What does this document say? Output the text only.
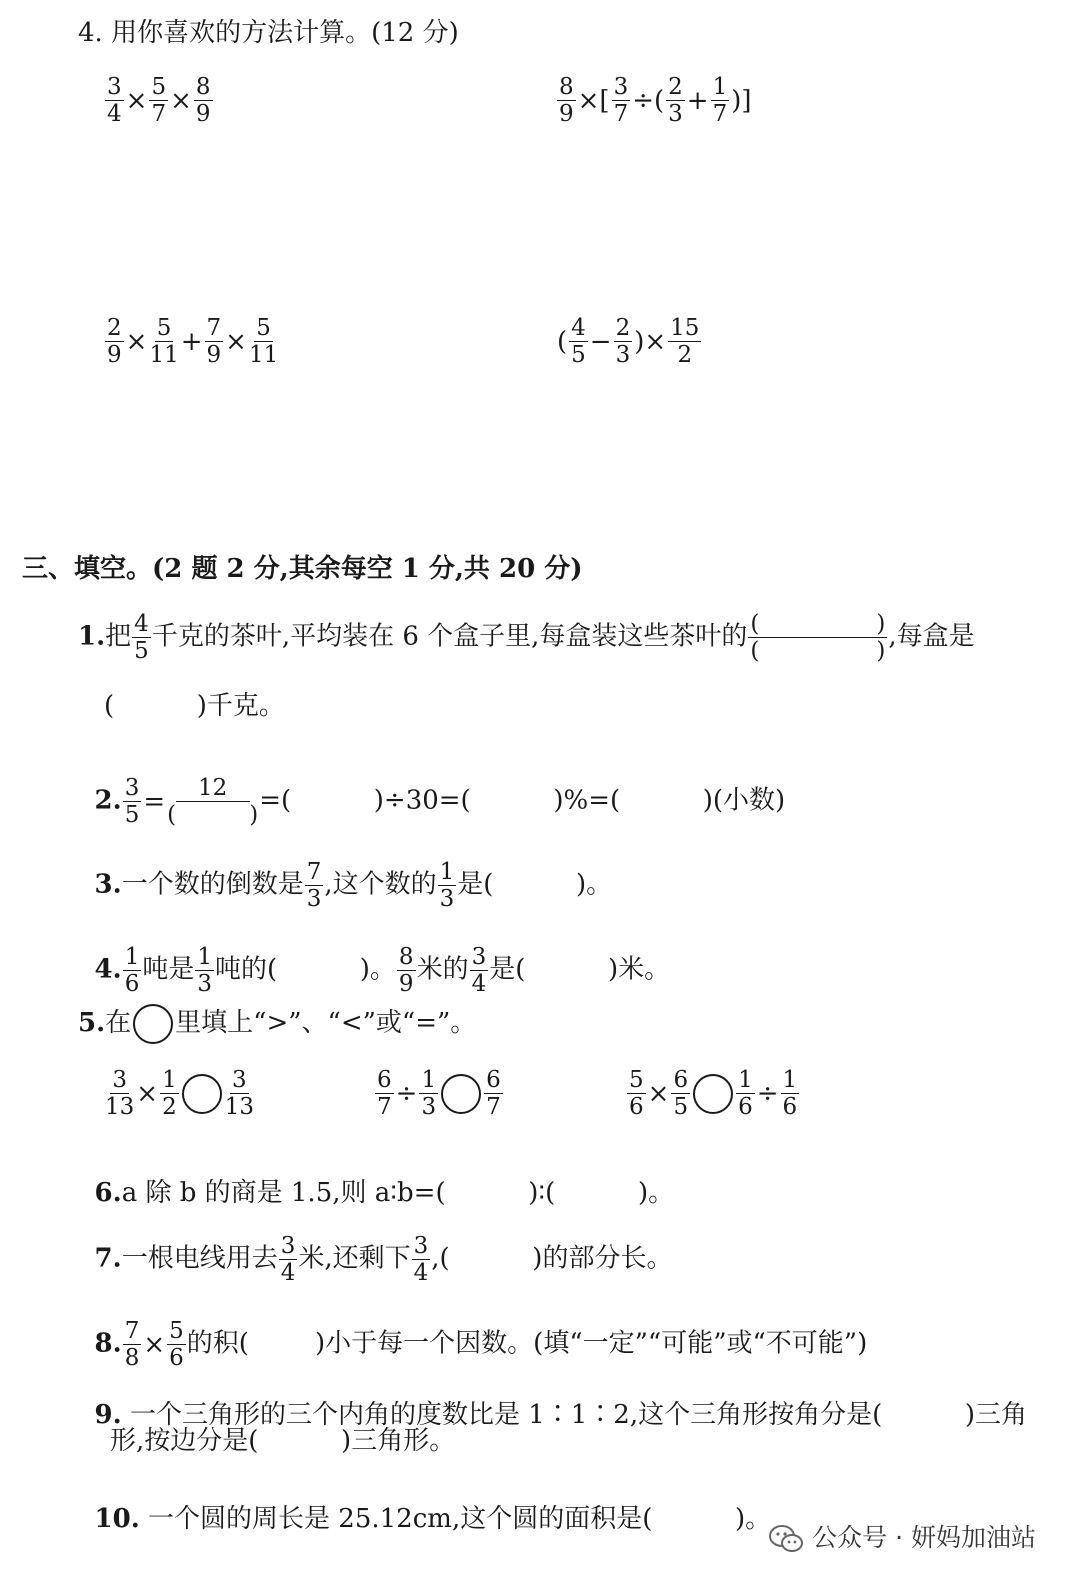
4. 用你喜欢的方法计算。(12 分)
$\frac{3}{4} \times \frac{5}{7} \times \frac{8}{9}$	$\frac{8}{9}$ ×[ $\frac{3}{7}$ ÷( $\frac{2}{3} + \frac{1}{7}$ )]
$\frac{2}{9} \times \frac{5}{11} + \frac{7}{9} \times \frac{5}{11}$	( $\frac{4}{5} - \frac{2}{3}$ )× $\frac{15}{2}$
三、填空。(2 题 2 分,其余每空 1 分,共 20 分)
1.把 $\frac{4}{5}$ 千克的茶叶,平均装在 6 个盒子里,每盒装这些茶叶的 $\frac{( )}{( )}$ ,每盒是
(          )千克。

2. $\frac{3}{5} = \frac{12}{( )}$ =(          )÷30=(          )%=(          )(小数)

3.一个数的倒数是 $\frac{7}{3}$ ,这个数的 $\frac{1}{3}$ 是(          )。

4. $\frac{1}{6}$ 吨是 $\frac{1}{3}$ 吨的(          )。 $\frac{8}{9}$ 米的 $\frac{3}{4}$ 是(          )米。

5.在 里填上“>”、“<”或“=”。
$\frac{3}{13} \times \frac{1}{2} \frac{3}{13}$	$\frac{6}{7} \div \frac{1}{3} \frac{6}{7}$	$\frac{5}{6} \times \frac{6}{5} \frac{1}{6} \div \frac{1}{6}$

6.a 除 b 的商是 1.5,则 a∶b=(          )∶(          )。

7.一根电线用去 $\frac{3}{4}$ 米,还剩下 $\frac{3}{4}$ ,(          )的部分长。

8. $\frac{7}{8} \times \frac{5}{6}$ 的积(        )小于每一个因数。(填“一定”“可能”或“不可能”)

9. 一个三角形的三个内角的度数比是 1∶1∶2,这个三角形按角分是(          )三角

形,按边分是(          )三角形。

10. 一个圆的周长是 25.12cm,这个圆的面积是(          )。

公众号 · 妍妈加油站
